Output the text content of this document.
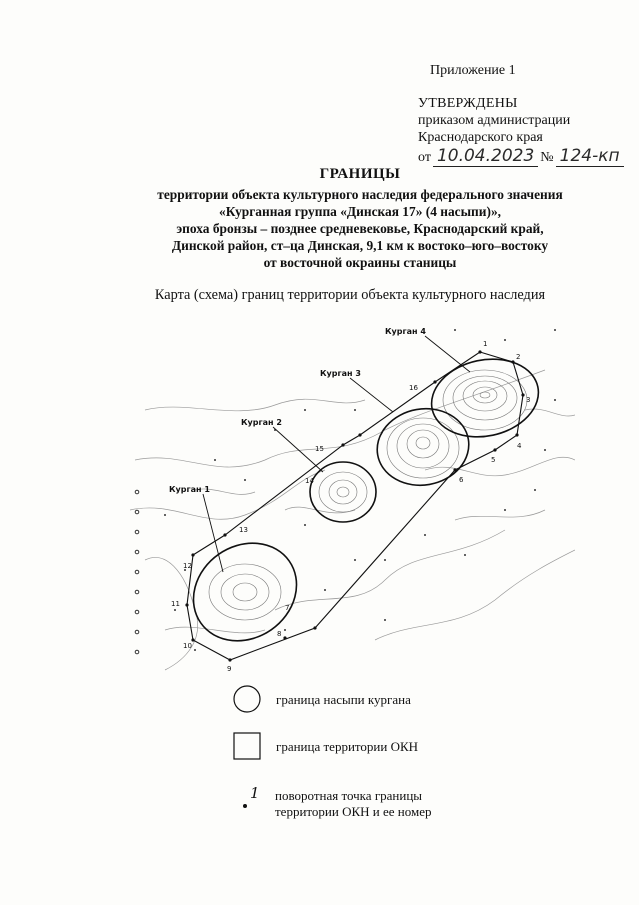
Приложение 1
УТВЕРЖДЕНЫ
приказом администрации
Краснодарского края
от 10.04.2023 № 124-кп
ГРАНИЦЫ
территории объекта культурного наследия федерального значения
«Курганная группа «Динская 17» (4 насыпи)»,
эпоха бронзы – позднее средневековье, Краснодарский край,
Динской район, ст–ца Динская, 9,1 км к востоко–юго–востоку
от восточной окраины станицы
Карта (схема) границ территории объекта культурного наследия
1
2
3
4
5
6
7
8
9
10
11
12
13
14
15
16
Курган 4
Курган 3
Курган 2
Курган 1
граница насыпи кургана
граница территории ОКН
1 поворотная точка границы
территории ОКН и ее номер
